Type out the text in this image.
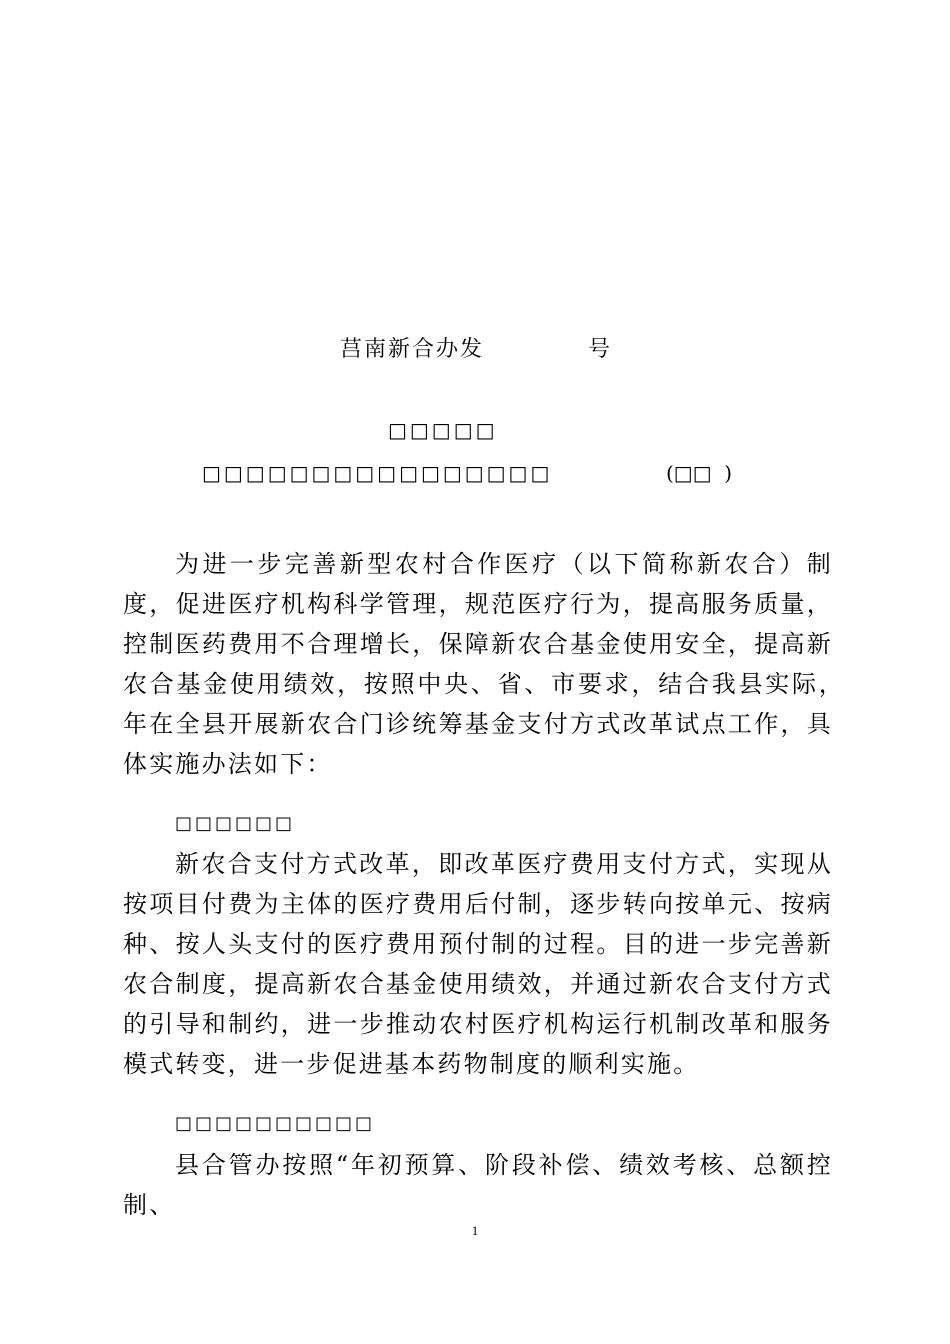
莒南新合办发	号
□□□□□
□□□□□□□□□□□□□□□□	(□□  )

为进一步完善新型农村合作医疗（以下简称新农合）制度，促进医疗机构科学管理，规范医疗行为，提高服务质量，控制医药费用不合理增长，保障新农合基金使用安全，提高新农合基金使用绩效，按照中央、省、市要求，结合我县实际，　　　年在全县开展新农合门诊统筹基金支付方式改革试点工作，具体实施办法如下：

□□□□□□

新农合支付方式改革，即改革医疗费用支付方式，实现从按项目付费为主体的医疗费用后付制，逐步转向按单元、按病种、按人头支付的医疗费用预付制的过程。目的进一步完善新农合制度，提高新农合基金使用绩效，并通过新农合支付方式的引导和制约，进一步推动农村医疗机构运行机制改革和服务模式转变，进一步促进基本药物制度的顺利实施。

□□□□□□□□□□

县合管办按照“年初预算、阶段补偿、绩效考核、总额控制、

1
